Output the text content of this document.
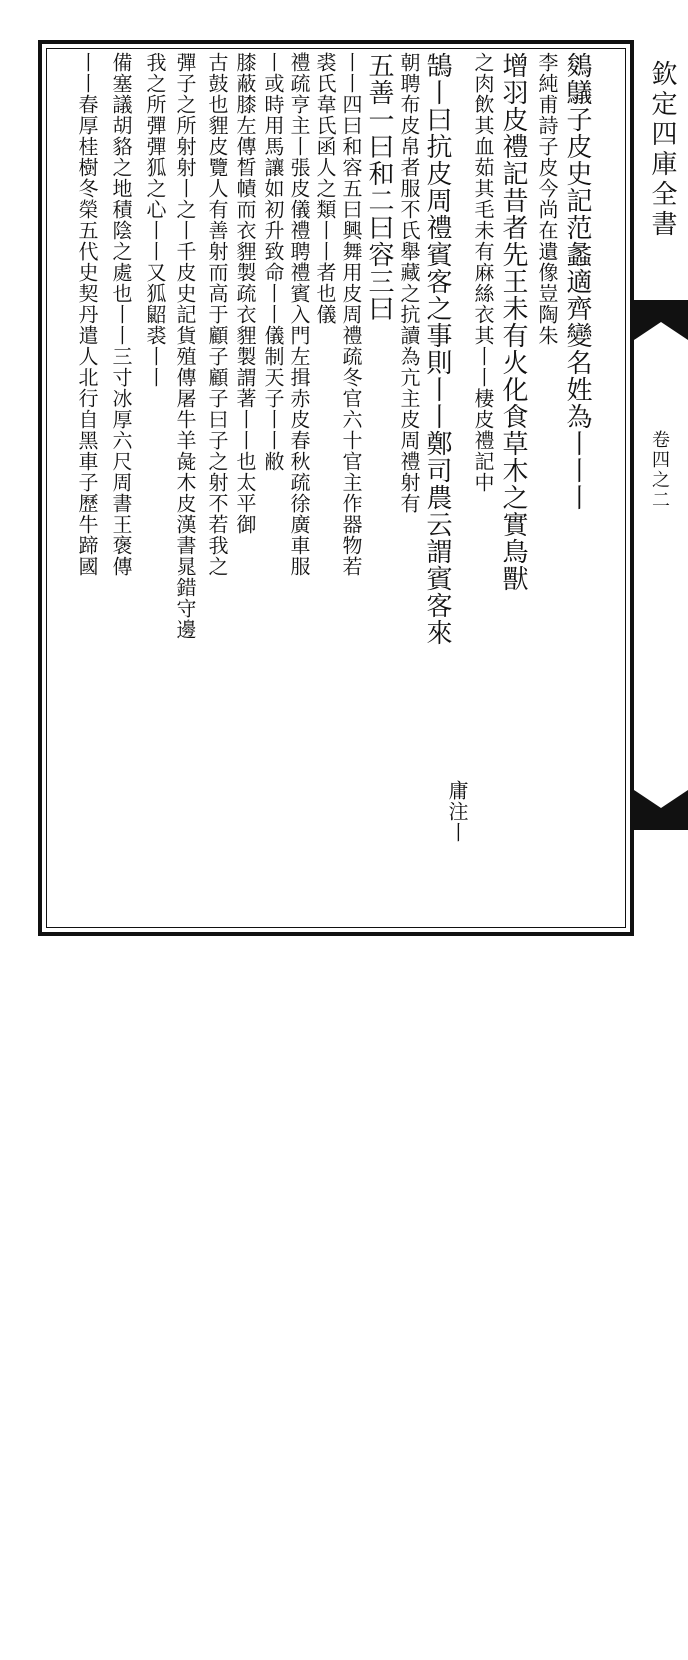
欽定四庫全書
卷四之二
鵕鸃子皮史記范蠡適齊變名姓為丨丨丨
李純甫詩子皮今尚在遺像豈陶朱
增羽皮禮記昔者先王未有火化食草木之實鳥獸
之肉飲其血茹其毛未有麻絲衣其丨丨棲皮禮記中
庸注丨
鵠丨曰抗皮周禮賓客之事則丨丨鄭司農云謂賓客來
朝聘布皮帛者服不氏舉藏之抗讀為亢主皮周禮射有
五善一曰和二曰容三曰
丨丨四曰和容五曰興舞用皮周禮疏冬官六十官主作器物若
裘氏韋氏函人之類丨丨者也儀
禮疏亨主丨張皮儀禮聘禮賓入門左揖赤皮春秋疏徐廣車服
丨或時用馬讓如初升致命丨丨儀制天子丨丨敝
膝蔽膝左傳晳幘而衣貍製疏衣貍製謂著丨丨也太平御
古鼓也貍皮覽人有善射而高于顧子顧子曰子之射不若我之
彈子之所射射丨之丨千皮史記貨殖傳屠牛羊彘木皮漢書晁錯守邊
我之所彈彈狐之心丨丨又狐鼦裘丨丨
備塞議胡貉之地積陰之處也丨丨三寸冰厚六尺周書王褒傳
丨丨春厚桂樹冬榮五代史契丹遣人北行自黑車子歷牛蹄國
